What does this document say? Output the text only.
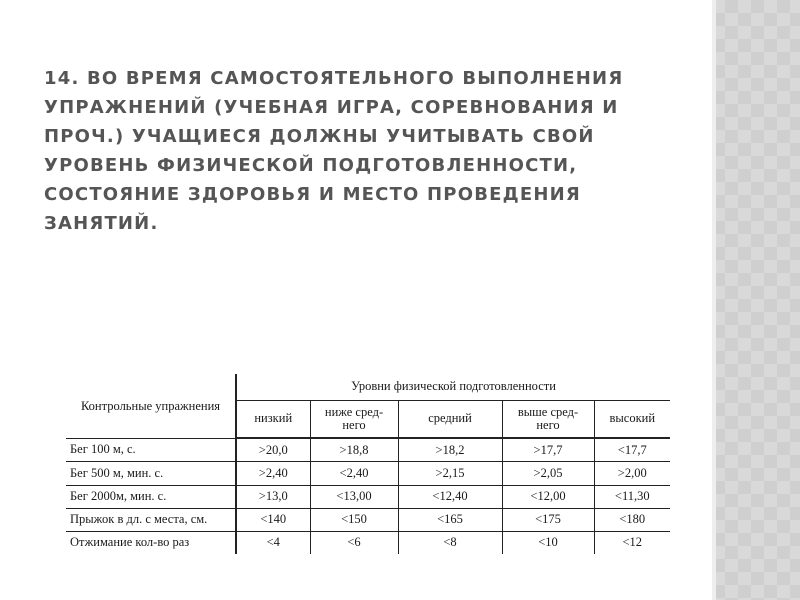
14. ВО ВРЕМЯ САМОСТОЯТЕЛЬНОГО ВЫПОЛНЕНИЯ УПРАЖНЕНИЙ (УЧЕБНАЯ ИГРА, СОРЕВНОВАНИЯ И ПРОЧ.) УЧАЩИЕСЯ ДОЛЖНЫ УЧИТЫВАТЬ СВОЙ УРОВЕНЬ ФИЗИЧЕСКОЙ ПОДГОТОВЛЕННОСТИ, СОСТОЯНИЕ ЗДОРОВЬЯ И МЕСТО ПРОВЕДЕНИЯ ЗАНЯТИЙ.
Контрольные упражнения	Уровни физической подготовленности				
	низкий	ниже сред- него	средний	выше сред- него	высокий
Бег 100 м, с.	>20,0	>18,8	>18,2	>17,7	<17,7
Бег 500 м, мин. с.	>2,40	<2,40	>2,15	>2,05	>2,00
Бег 2000м, мин. с.	>13,0	<13,00	<12,40	<12,00	<11,30
Прыжок в дл. с места, см.	<140	<150	<165	<175	<180
Отжимание кол-во раз	<4	<6	<8	<10	<12
